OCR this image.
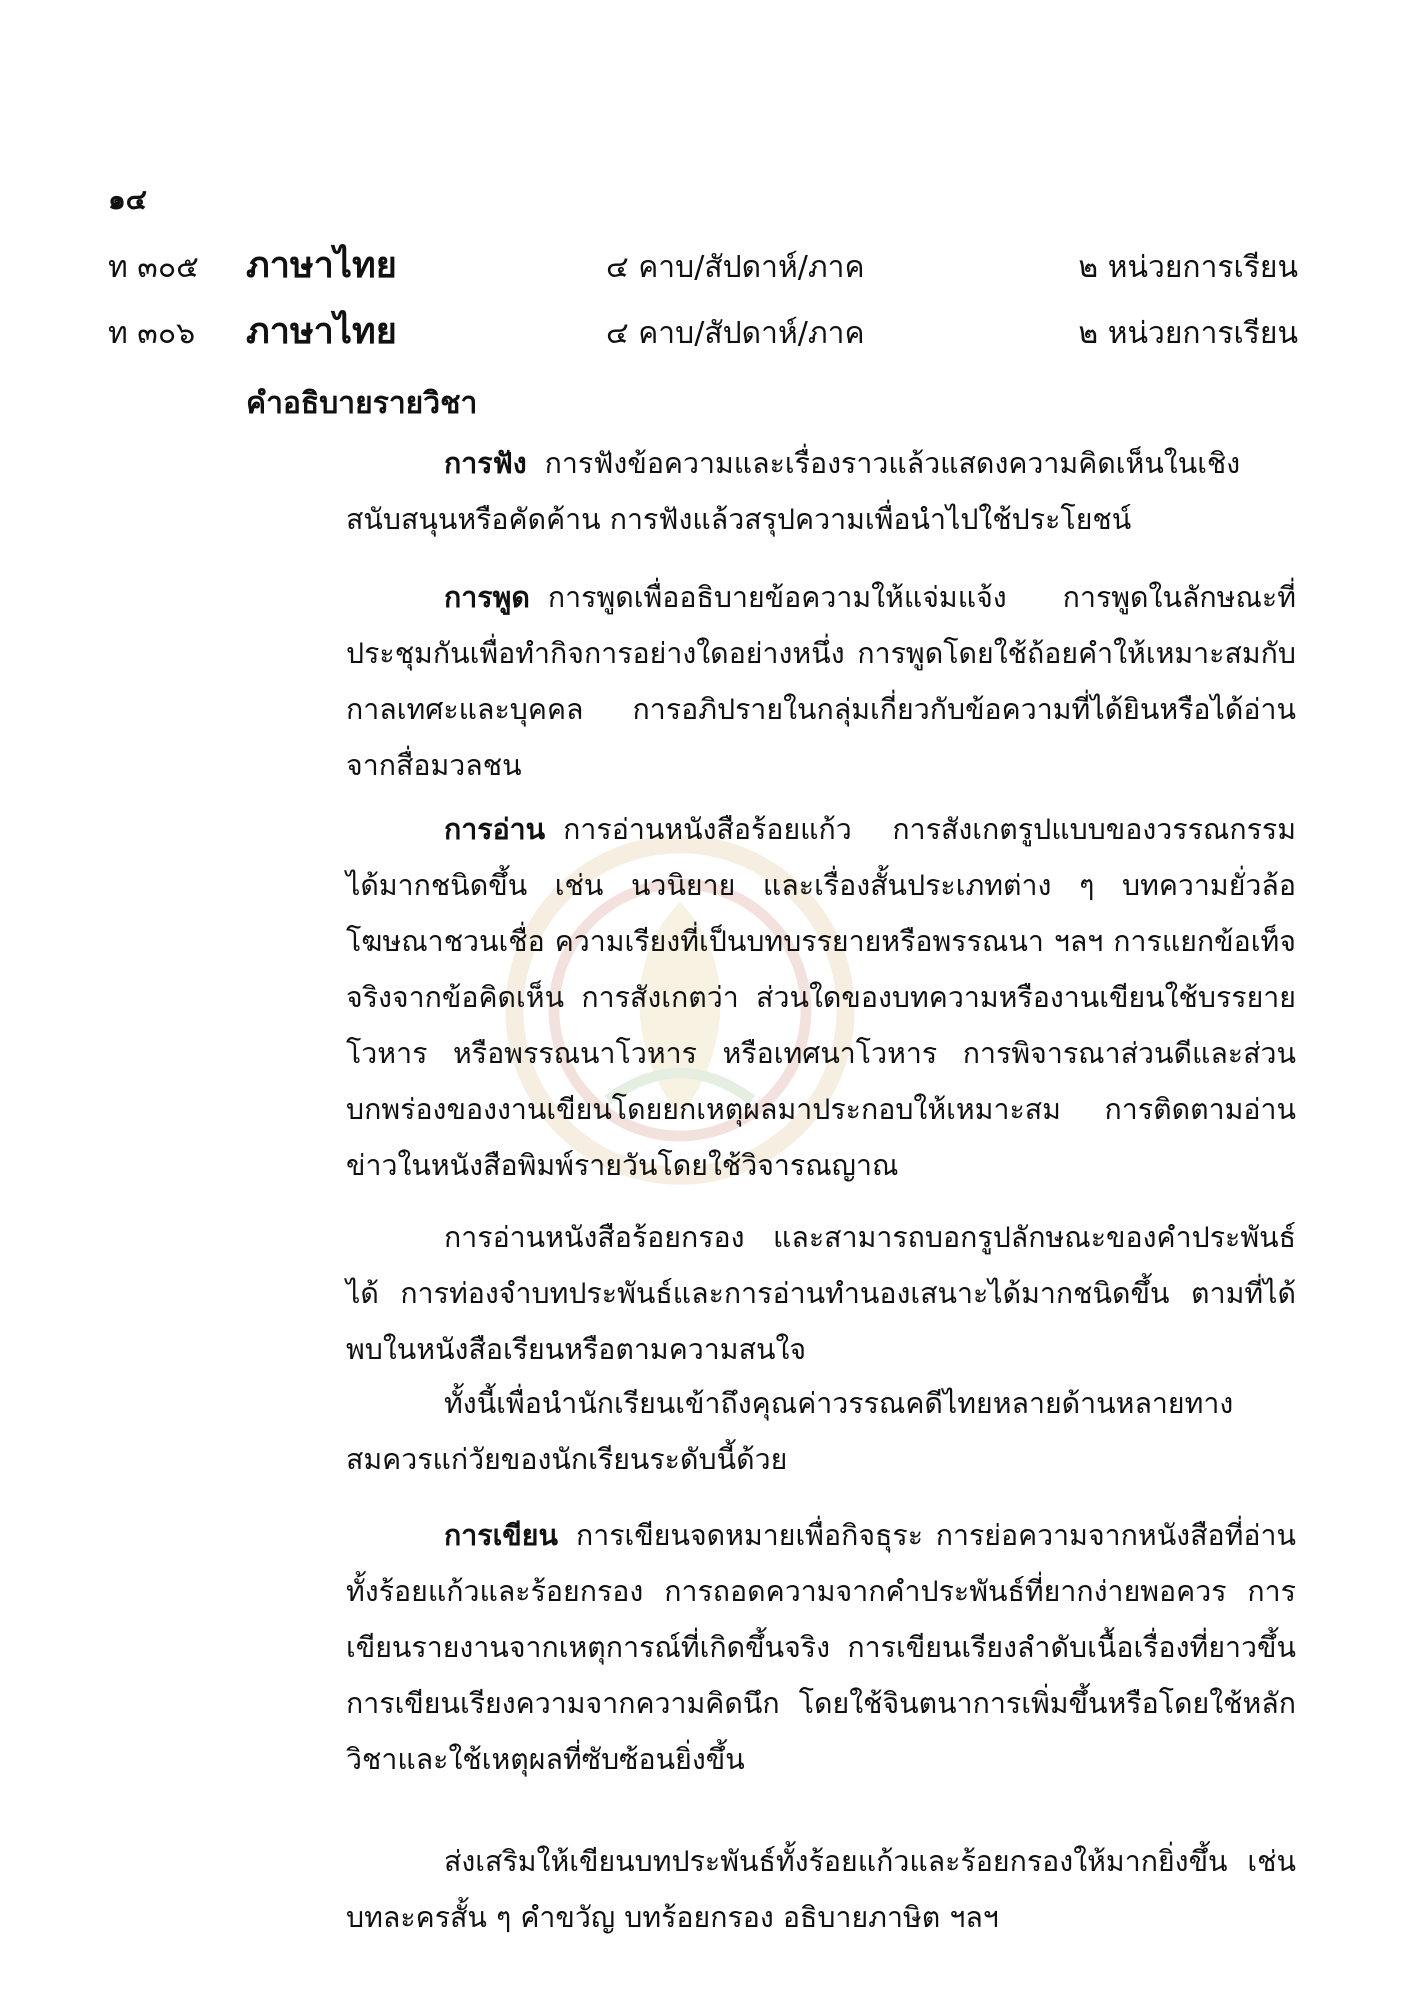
๑๔
ท ๓๐๕ ภาษาไทย	๔ คาบ/สัปดาห์/ภาค	๒ หน่วยการเรียน
ท ๓๐๖ ภาษาไทย	๔ คาบ/สัปดาห์/ภาค	๒ หน่วยการเรียน
คำอธิบายรายวิชา

การฟัง การฟังข้อความและเรื่องราวแล้วแสดงความคิดเห็นในเชิงสนับสนุนหรือคัดค้าน การฟังแล้วสรุปความเพื่อนำไปใช้ประโยชน์

การพูด การพูดเพื่ออธิบายข้อความให้แจ่มแจ้ง การพูดในลักษณะที่ประชุมกันเพื่อทำกิจการอย่างใดอย่างหนึ่ง การพูดโดยใช้ถ้อยคำให้เหมาะสมกับกาลเทศะและบุคคล การอภิปรายในกลุ่มเกี่ยวกับข้อความที่ได้ยินหรือได้อ่านจากสื่อมวลชน

การอ่าน การอ่านหนังสือร้อยแก้ว การสังเกตรูปแบบของวรรณกรรมได้มากชนิดขึ้น เช่น นวนิยาย และเรื่องสั้นประเภทต่าง ๆ บทความยั่วล้อ โฆษณาชวนเชื่อ ความเรียงที่เป็นบทบรรยายหรือพรรณนา ฯลฯ การแยกข้อเท็จจริงจากข้อคิดเห็น การสังเกตว่า ส่วนใดของบทความหรืองานเขียนใช้บรรยายโวหาร หรือพรรณนาโวหาร หรือเทศนาโวหาร การพิจารณาส่วนดีและส่วนบกพร่องของงานเขียนโดยยกเหตุผลมาประกอบให้เหมาะสม การติดตามอ่านข่าวในหนังสือพิมพ์รายวันโดยใช้วิจารณญาณ

การอ่านหนังสือร้อยกรอง และสามารถบอกรูปลักษณะของคำประพันธ์ได้ การท่องจำบทประพันธ์และการอ่านทำนองเสนาะได้มากชนิดขึ้น ตามที่ได้พบในหนังสือเรียนหรือตามความสนใจ

ทั้งนี้เพื่อนำนักเรียนเข้าถึงคุณค่าวรรณคดีไทยหลายด้านหลายทาง สมควรแก่วัยของนักเรียนระดับนี้ด้วย

การเขียน การเขียนจดหมายเพื่อกิจธุระ การย่อความจากหนังสือที่อ่าน ทั้งร้อยแก้วและร้อยกรอง การถอดความจากคำประพันธ์ที่ยากง่ายพอควร การเขียนรายงานจากเหตุการณ์ที่เกิดขึ้นจริง การเขียนเรียงลำดับเนื้อเรื่องที่ยาวขึ้น การเขียนเรียงความจากความคิดนึก โดยใช้จินตนาการเพิ่มขึ้นหรือโดยใช้หลักวิชาและใช้เหตุผลที่ซับซ้อนยิ่งขึ้น

ส่งเสริมให้เขียนบทประพันธ์ทั้งร้อยแก้วและร้อยกรองให้มากยิ่งขึ้น เช่น บทละครสั้น ๆ คำขวัญ บทร้อยกรอง อธิบายภาษิต ฯลฯ
